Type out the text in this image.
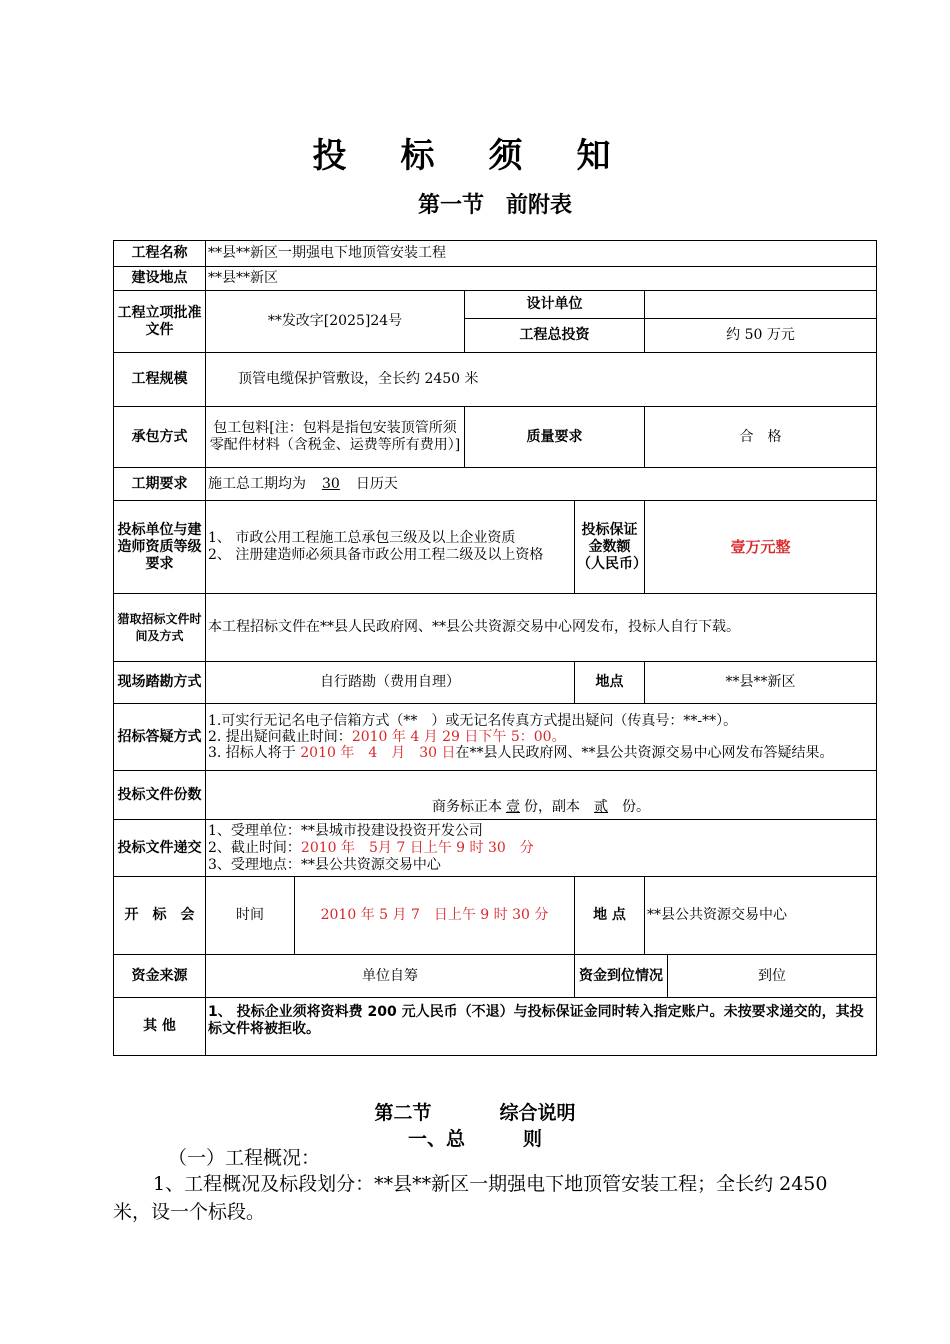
投 标 须 知
第一节　前附表
工程名称	**县**新区一期强电下地顶管安装工程					
建设地点	**县**新区					
工程立项批准文件	**发改字[2025]24号		设计单位			
			工程总投资		约 50 万元	
工程规模	顶管电缆保护管敷设，全长约 2450 米					
承包方式	包工包料[注：包料是指包安装顶管所须零配件材料（含税金、运费等所有费用）]		质量要求		合　格	
工期要求	施工总工期均为 30 日历天					
投标单位与建造师资质等级要求	1、 市政公用工程施工总承包三级及以上企业资质
2、 注册建造师必须具备市政公用工程二级及以上资格			投标保证金数额（人民币）	壹万元整	
猎取招标文件时间及方式	本工程招标文件在**县人民政府网、**县公共资源交易中心网发布，投标人自行下载。					
现场踏勘方式	自行踏勘（费用自理）			地点	**县**新区	
招标答疑方式	1.可实行无记名电子信箱方式（**　）或无记名传真方式提出疑问（传真号：**-**）。
2. 提出疑问截止时间：2010 年 4 月 29 日下午 5：00。
3. 招标人将于 2010 年　4　月　30 日在**县人民政府网、**县公共资源交易中心网发布答疑结果。					

投标文件份数	商务标正本 壹 份，副本 贰 份。					
投标文件递交	1、受理单位：**县城市投建设投资开发公司
2、截止时间：2010 年　5月 7 日上午 9 时 30　分
3、受理地点：**县公共资源交易中心					

开　标　会	时间	2010 年 5 月 7　日上午 9 时 30 分		地 点	**县公共资源交易中心	
资金来源	单位自筹			资金到位情况		到位
其 他	1、 投标企业须将资料费 200 元人民币（不退）与投标保证金同时转入指定账户。未按要求递交的，其投标文件将被拒收。					
第二节	综合说明
一、总	则
（一）工程概况：
1、工程概况及标段划分：**县**新区一期强电下地顶管安装工程；全长约 2450 米，设一个标段。
